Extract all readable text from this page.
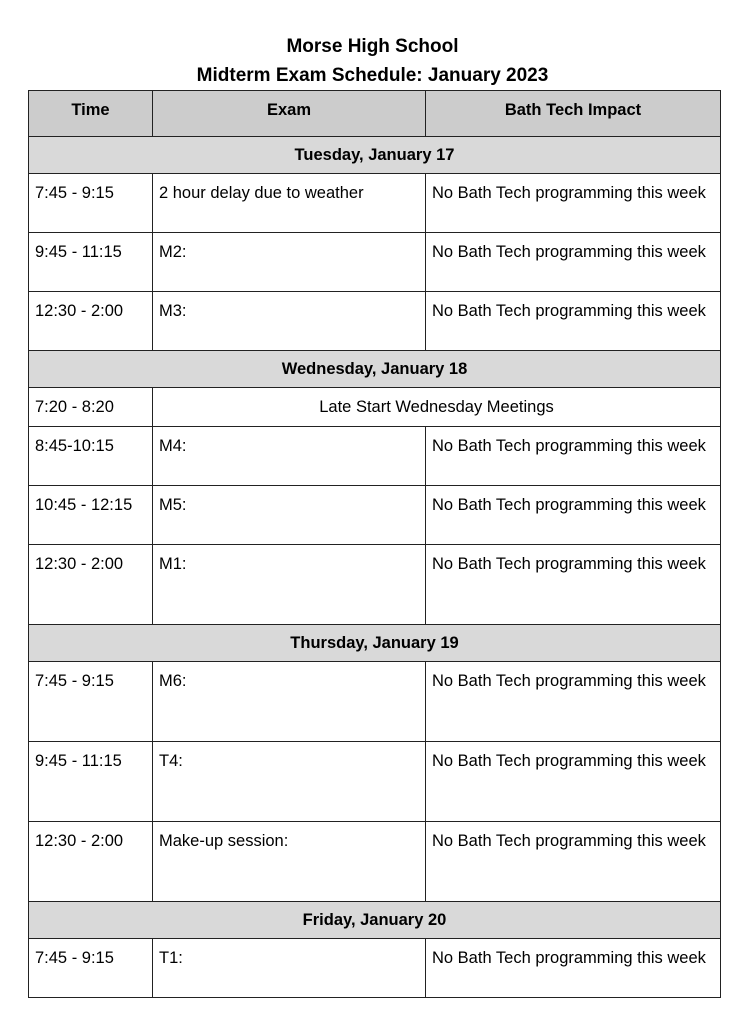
Morse High School
Midterm Exam Schedule: January 2023
Time	Exam	Bath Tech Impact
Tuesday, January 17		
7:45 - 9:15	2 hour delay due to weather	No Bath Tech programming this week
9:45 - 11:15	M2:	No Bath Tech programming this week
12:30 - 2:00	M3:	No Bath Tech programming this week
Wednesday, January 18		
7:20 - 8:20	Late Start Wednesday Meetings	
8:45-10:15	M4:	No Bath Tech programming this week
10:45 - 12:15	M5:	No Bath Tech programming this week
12:30 - 2:00	M1:	No Bath Tech programming this week
Thursday, January 19		
7:45 - 9:15	M6:	No Bath Tech programming this week
9:45 - 11:15	T4:	No Bath Tech programming this week
12:30 - 2:00	Make-up session:	No Bath Tech programming this week
Friday, January 20		
7:45 - 9:15	T1:	No Bath Tech programming this week
